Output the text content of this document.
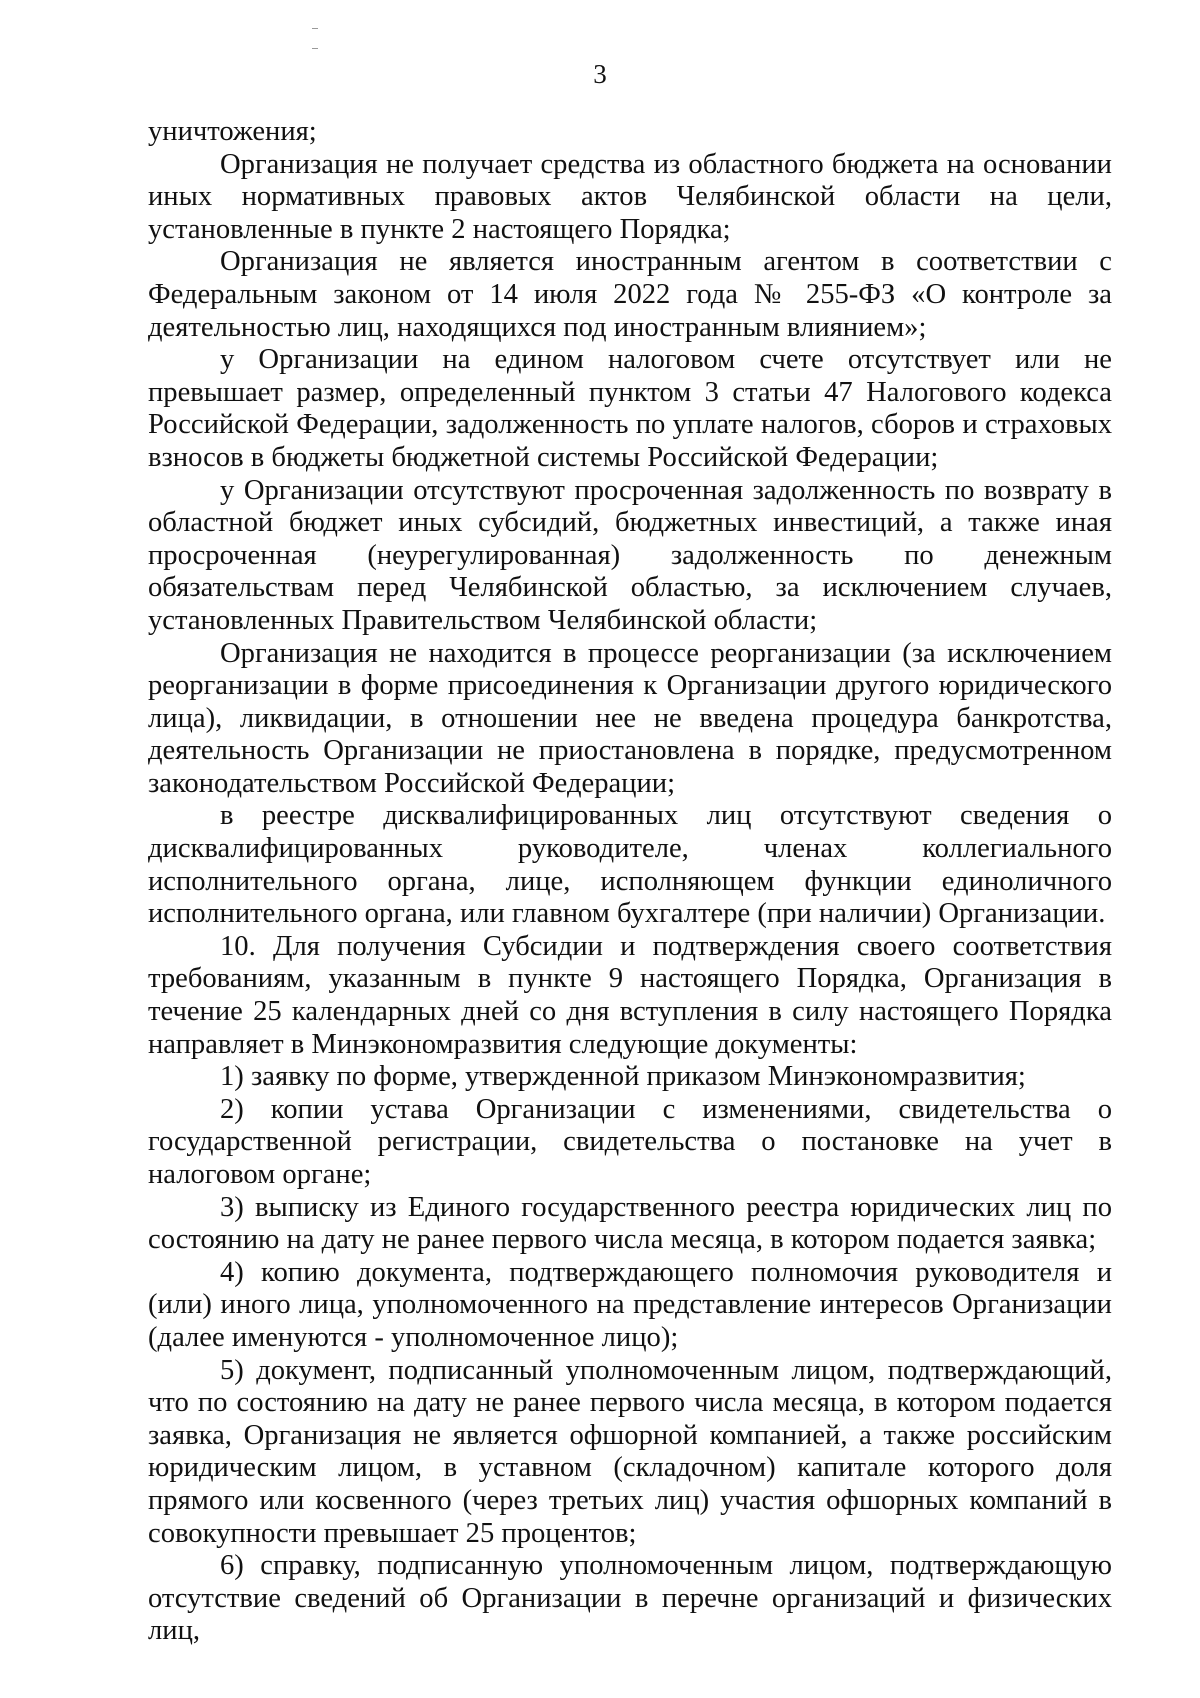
3

уничтожения;

Организация не получает средства из областного бюджета на основании иных нормативных правовых актов Челябинской области на цели, установленные в пункте 2 настоящего Порядка;

Организация не является иностранным агентом в соответствии с Федеральным законом от 14 июля 2022 года № 255-ФЗ «О контроле за деятельностью лиц, находящихся под иностранным влиянием»;

у Организации на едином налоговом счете отсутствует или не превышает размер, определенный пунктом 3 статьи 47 Налогового кодекса Российской Федерации, задолженность по уплате налогов, сборов и страховых взносов в бюджеты бюджетной системы Российской Федерации;

у Организации отсутствуют просроченная задолженность по возврату в областной бюджет иных субсидий, бюджетных инвестиций, а также иная просроченная (неурегулированная) задолженность по денежным обязательствам перед Челябинской областью, за исключением случаев, установленных Правительством Челябинской области;

Организация не находится в процессе реорганизации (за исключением реорганизации в форме присоединения к Организации другого юридического лица), ликвидации, в отношении нее не введена процедура банкротства, деятельность Организации не приостановлена в порядке, предусмотренном законодательством Российской Федерации;

в реестре дисквалифицированных лиц отсутствуют сведения о дисквалифицированных руководителе, членах коллегиального исполнительного органа, лице, исполняющем функции единоличного исполнительного органа, или главном бухгалтере (при наличии) Организации.

10. Для получения Субсидии и подтверждения своего соответствия требованиям, указанным в пункте 9 настоящего Порядка, Организация в течение 25 календарных дней со дня вступления в силу настоящего Порядка направляет в Минэкономразвития следующие документы:

1) заявку по форме, утвержденной приказом Минэкономразвития;

2) копии устава Организации с изменениями, свидетельства о государственной регистрации, свидетельства о постановке на учет в налоговом органе;

3) выписку из Единого государственного реестра юридических лиц по состоянию на дату не ранее первого числа месяца, в котором подается заявка;

4) копию документа, подтверждающего полномочия руководителя и (или) иного лица, уполномоченного на представление интересов Организации (далее именуются - уполномоченное лицо);

5) документ, подписанный уполномоченным лицом, подтверждающий, что по состоянию на дату не ранее первого числа месяца, в котором подается заявка, Организация не является офшорной компанией, а также российским юридическим лицом, в уставном (складочном) капитале которого доля прямого или косвенного (через третьих лиц) участия офшорных компаний в совокупности превышает 25 процентов;

6) справку, подписанную уполномоченным лицом, подтверждающую отсутствие сведений об Организации в перечне организаций и физических лиц,
